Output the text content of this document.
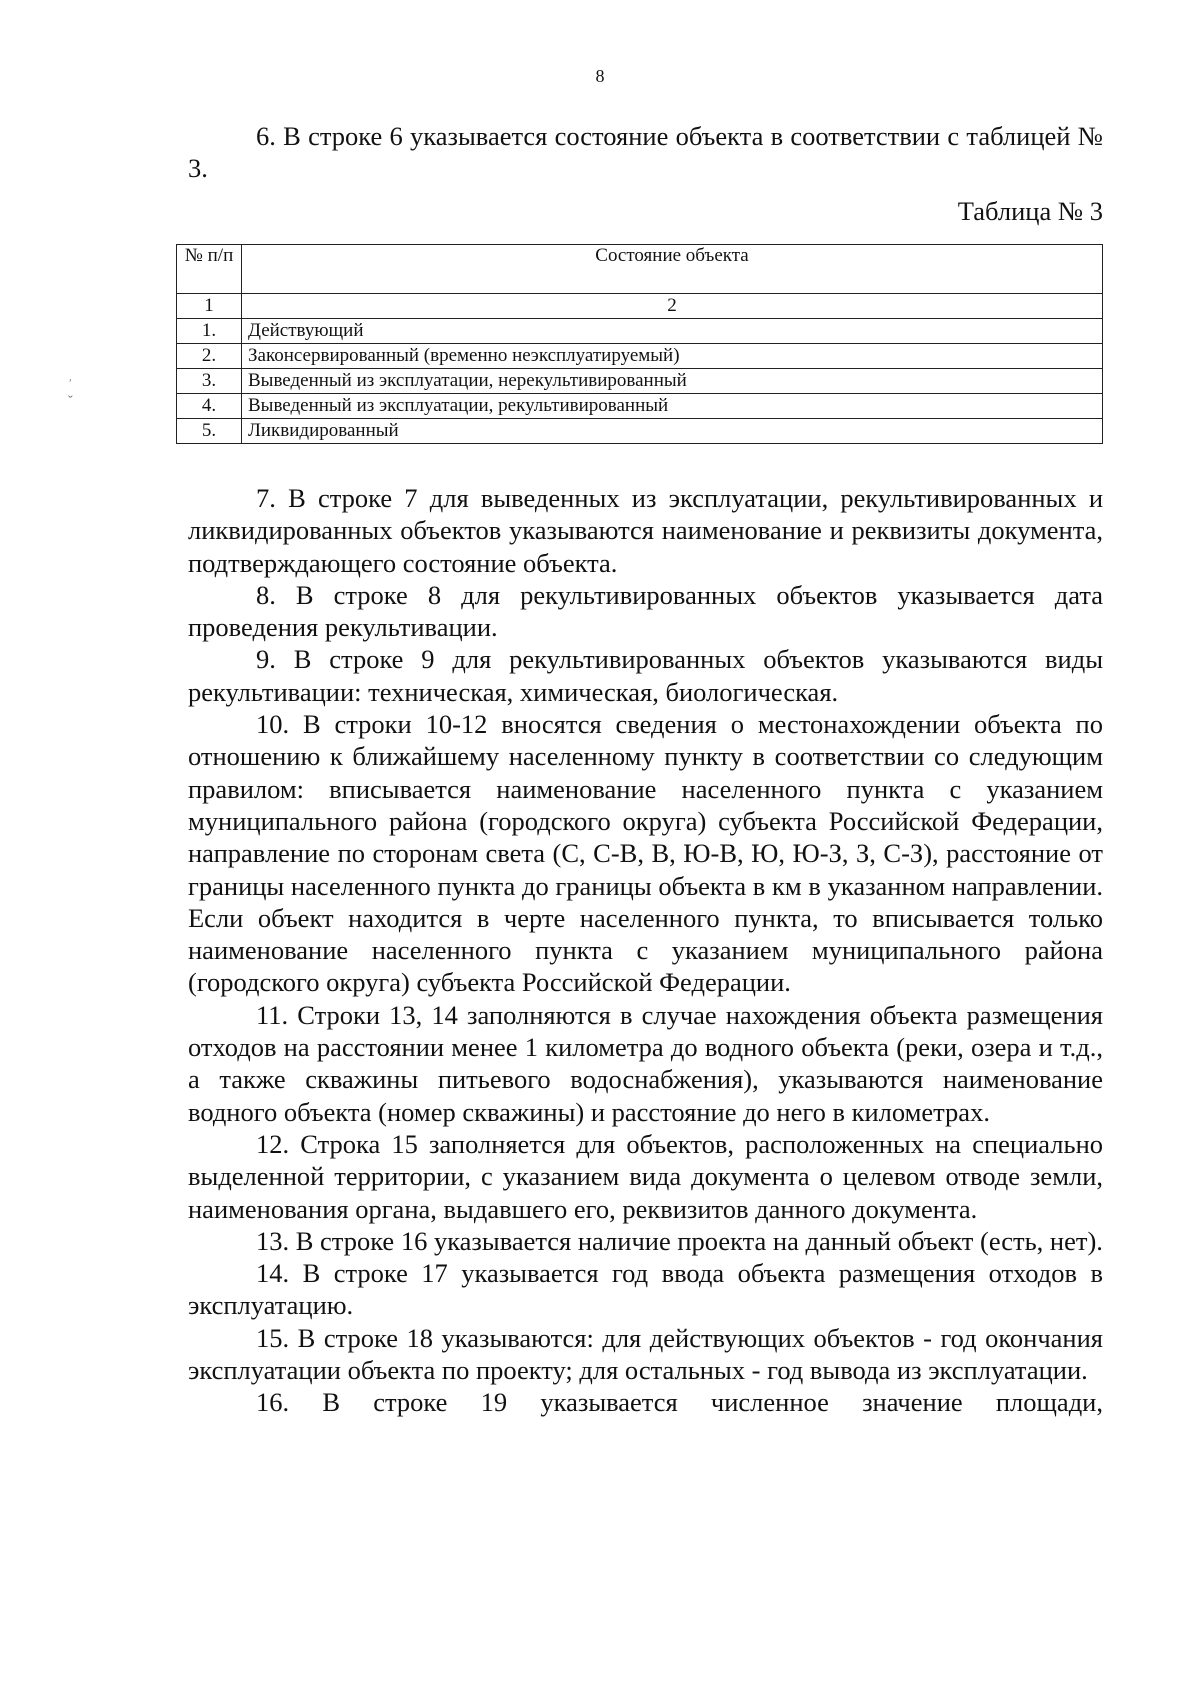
8

6. В строке 6 указывается состояние объекта в соответствии с таблицей № 3.

Таблица № 3
№ п/п	Состояние объекта
1	2
1.	Действующий
2.	Законсервированный (временно неэксплуатируемый)
3.	Выведенный из эксплуатации, нерекультивированный
4.	Выведенный из эксплуатации, рекультивированный
5.	Ликвидированный

7. В строке 7 для выведенных из эксплуатации, рекультивированных и ликвидированных объектов указываются наименование и реквизиты документа, подтверждающего состояние объекта.

8. В строке 8 для рекультивированных объектов указывается дата проведения рекультивации.

9. В строке 9 для рекультивированных объектов указываются виды рекультивации: техническая, химическая, биологическая.

10. В строки 10-12 вносятся сведения о местонахождении объекта по отношению к ближайшему населенному пункту в соответствии со следующим правилом: вписывается наименование населенного пункта с указанием муниципального района (городского округа) субъекта Российской Федерации, направление по сторонам света (С, С-В, В, Ю-В, Ю, Ю-З, З, С-З), расстояние от границы населенного пункта до границы объекта в км в указанном направлении. Если объект находится в черте населенного пункта, то вписывается только наименование населенного пункта с указанием муниципального района (городского округа) субъекта Российской Федерации.

11. Строки 13, 14 заполняются в случае нахождения объекта размещения отходов на расстоянии менее 1 километра до водного объекта (реки, озера и т.д., а также скважины питьевого водоснабжения), указываются наименование водного объекта (номер скважины) и расстояние до него в километрах.

12. Строка 15 заполняется для объектов, расположенных на специально выделенной территории, с указанием вида документа о целевом отводе земли, наименования органа, выдавшего его, реквизитов данного документа.

13. В строке 16 указывается наличие проекта на данный объект (есть, нет).

14. В строке 17 указывается год ввода объекта размещения отходов в эксплуатацию.

15. В строке 18 указываются: для действующих объектов - год окончания эксплуатации объекта по проекту; для остальных - год вывода из эксплуатации.

16. В строке 19 указывается численное значение площади,

ʾ
ˇ
